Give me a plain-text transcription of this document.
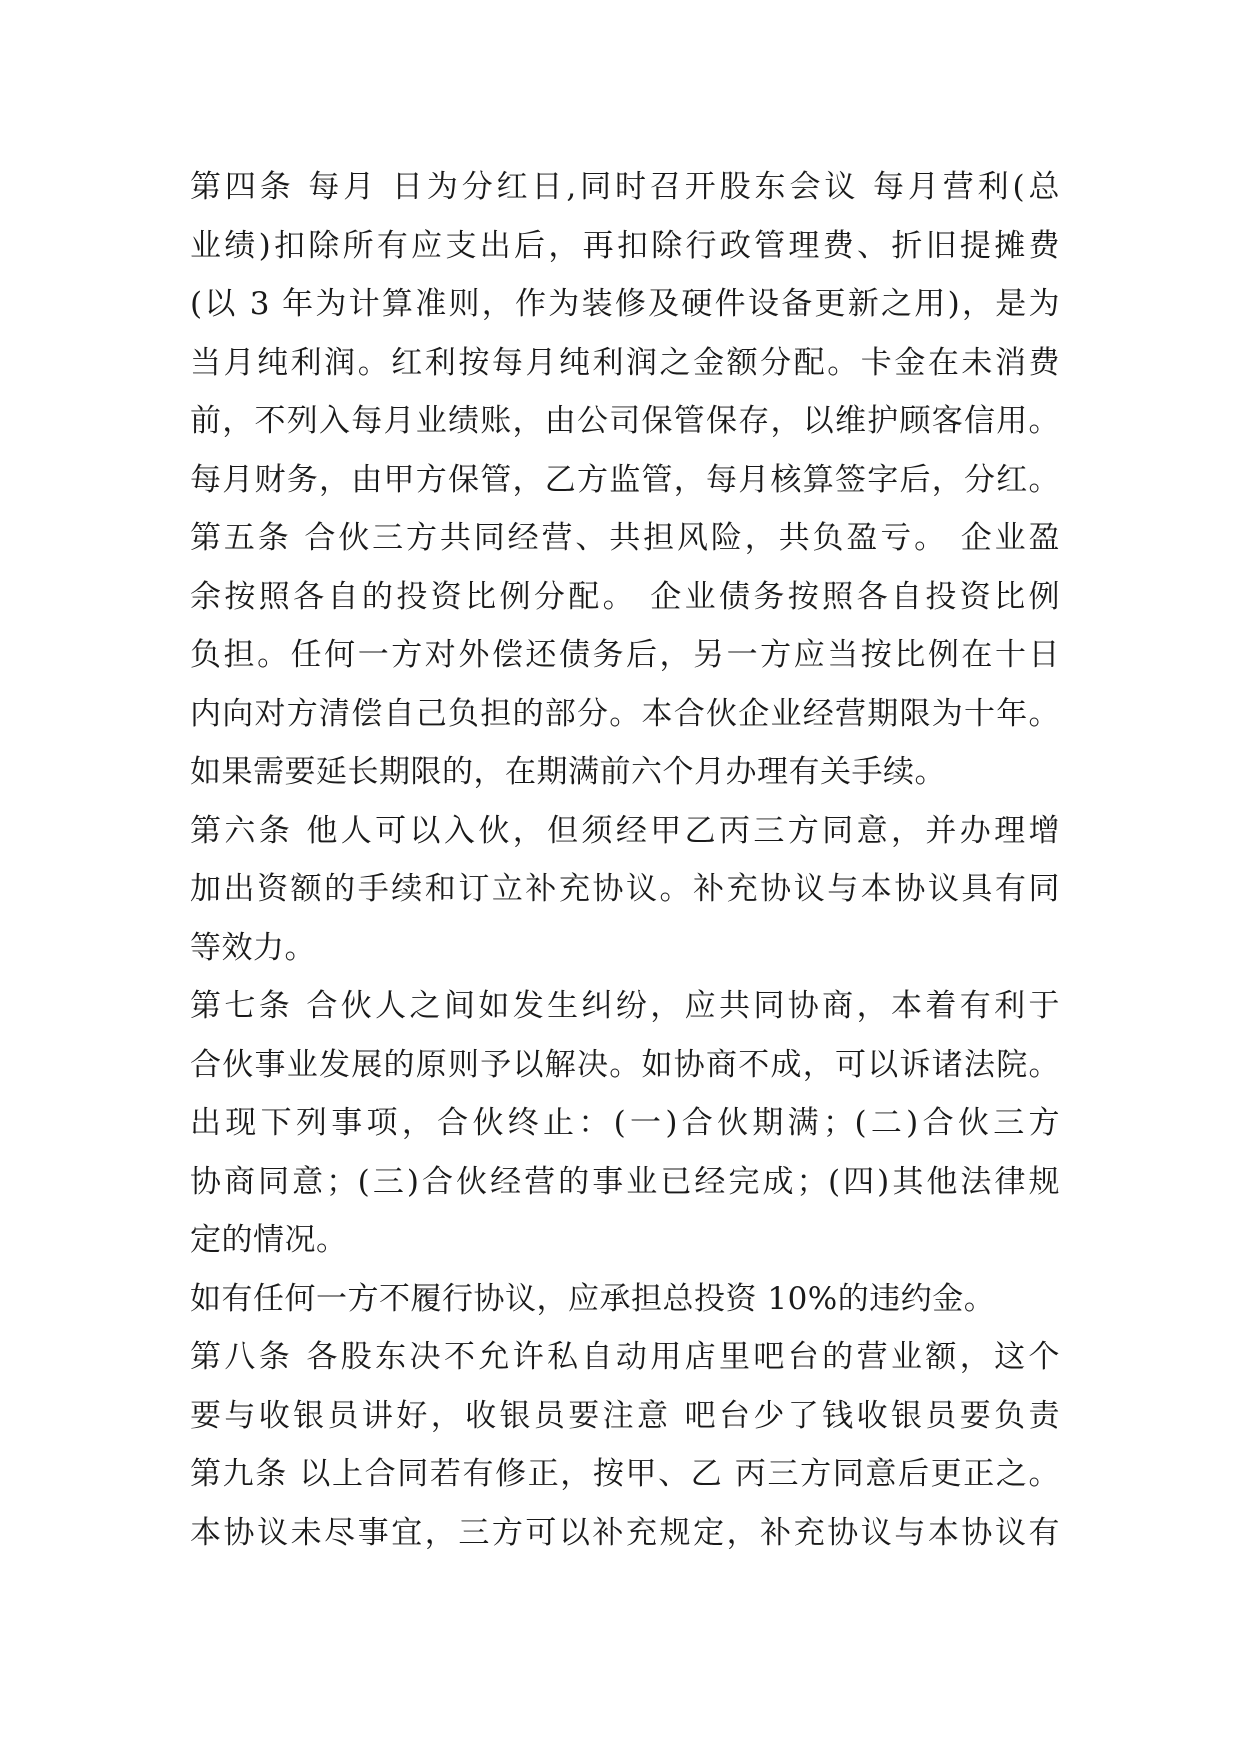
第四条 每月 日为分红日,同时召开股东会议 每月营利(总
业绩)扣除所有应支出后，再扣除行政管理费、折旧提摊费
(以 3 年为计算准则，作为装修及硬件设备更新之用)，是为
当月纯利润。红利按每月纯利润之金额分配。卡金在未消费
前，不列入每月业绩账，由公司保管保存，以维护顾客信用。
每月财务，由甲方保管，乙方监管，每月核算签字后，分红。
第五条 合伙三方共同经营、共担风险，共负盈亏。 企业盈
余按照各自的投资比例分配。 企业债务按照各自投资比例
负担。任何一方对外偿还债务后，另一方应当按比例在十日
内向对方清偿自己负担的部分。本合伙企业经营期限为十年。
如果需要延长期限的，在期满前六个月办理有关手续。
第六条 他人可以入伙，但须经甲乙丙三方同意，并办理增
加出资额的手续和订立补充协议。补充协议与本协议具有同
等效力。
第七条 合伙人之间如发生纠纷，应共同协商，本着有利于
合伙事业发展的原则予以解决。如协商不成，可以诉诸法院。
出现下列事项，合伙终止：(一)合伙期满；(二)合伙三方
协商同意；(三)合伙经营的事业已经完成；(四)其他法律规
定的情况。
如有任何一方不履行协议，应承担总投资 10%的违约金。
第八条 各股东决不允许私自动用店里吧台的营业额，这个
要与收银员讲好，收银员要注意 吧台少了钱收银员要负责
第九条 以上合同若有修正，按甲、乙 丙三方同意后更正之。
本协议未尽事宜，三方可以补充规定，补充协议与本协议有
